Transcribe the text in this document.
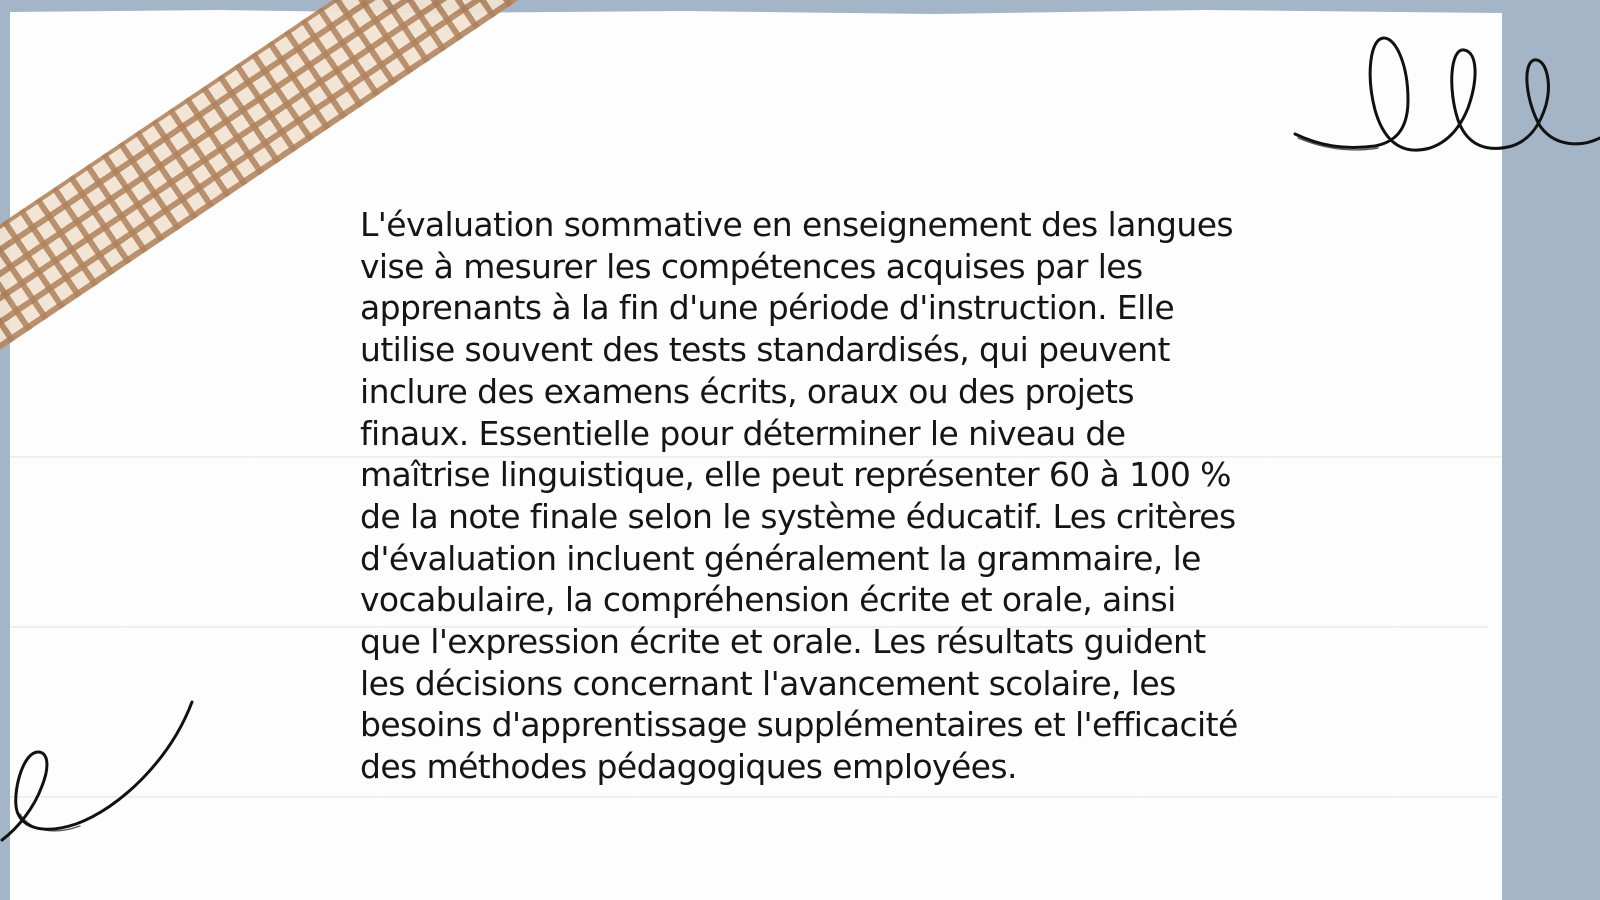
L'évaluation sommative en enseignement des langues vise à mesurer les compétences acquises par les apprenants à la fin d'une période d'instruction. Elle utilise souvent des tests standardisés, qui peuvent inclure des examens écrits, oraux ou des projets finaux. Essentielle pour déterminer le niveau de maîtrise linguistique, elle peut représenter 60 à 100 % de la note finale selon le système éducatif. Les critères d'évaluation incluent généralement la grammaire, le vocabulaire, la compréhension écrite et orale, ainsi que l'expression écrite et orale. Les résultats guident les décisions concernant l'avancement scolaire, les besoins d'apprentissage supplémentaires et l'efficacité des méthodes pédagogiques employées.
